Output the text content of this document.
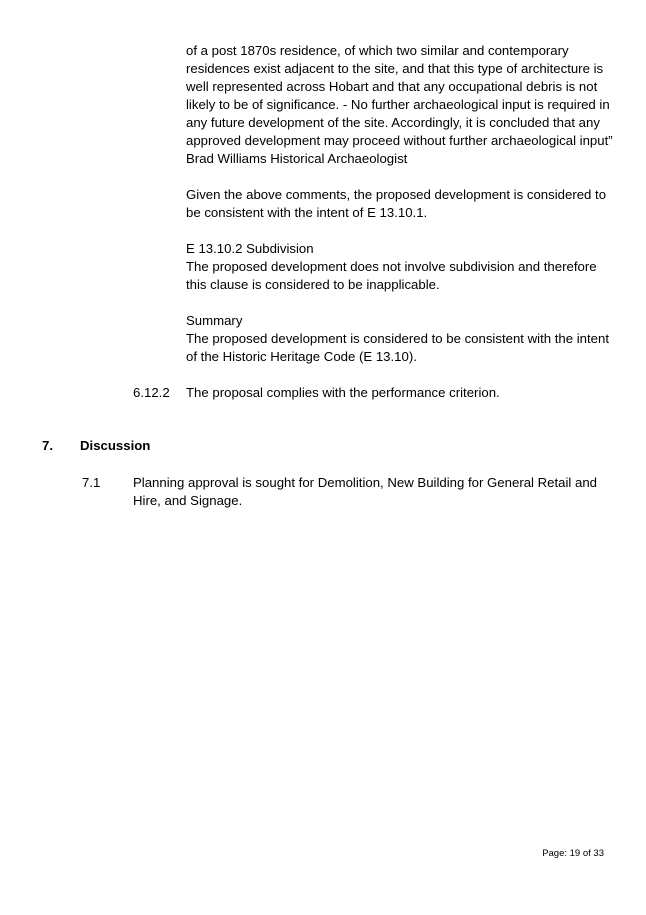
of a post 1870s residence, of which two similar and contemporary
residences exist adjacent to the site, and that this type of architecture is
well represented across Hobart and that any occupational debris is not
likely to be of significance. - No further archaeological input is required in
any future development of the site. Accordingly, it is concluded that any
approved development may proceed without further archaeological input”
Brad Williams Historical Archaeologist
Given the above comments, the proposed development is considered to
be consistent with the intent of E 13.10.1.
E 13.10.2 Subdivision
The proposed development does not involve subdivision and therefore
this clause is considered to be inapplicable.
Summary
The proposed development is considered to be consistent with the intent
of the Historic Heritage Code (E 13.10).
6.12.2 The proposal complies with the performance criterion.
7. Discussion
7.1 Planning approval is sought for Demolition, New Building for General Retail and
Hire, and Signage.
Page: 19 of 33
